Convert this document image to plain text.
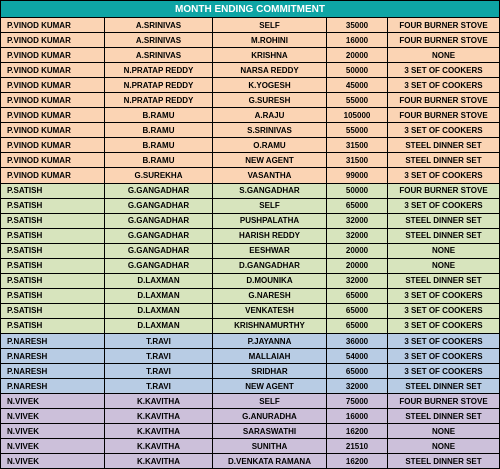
MONTH ENDING COMMITMENT				
P.VINOD KUMAR	A.SRINIVAS	SELF	35000	FOUR BURNER STOVE
P.VINOD KUMAR	A.SRINIVAS	M.ROHINI	16000	FOUR BURNER STOVE
P.VINOD KUMAR	A.SRINIVAS	KRISHNA	20000	NONE
P.VINOD KUMAR	N.PRATAP REDDY	NARSA REDDY	50000	3 SET OF COOKERS
P.VINOD KUMAR	N.PRATAP REDDY	K.YOGESH	45000	3 SET OF COOKERS
P.VINOD KUMAR	N.PRATAP REDDY	G.SURESH	55000	FOUR BURNER STOVE
P.VINOD KUMAR	B.RAMU	A.RAJU	105000	FOUR BURNER STOVE
P.VINOD KUMAR	B.RAMU	S.SRINIVAS	55000	3 SET OF COOKERS
P.VINOD KUMAR	B.RAMU	O.RAMU	31500	STEEL DINNER SET
P.VINOD KUMAR	B.RAMU	NEW AGENT	31500	STEEL DINNER SET
P.VINOD KUMAR	G.SUREKHA	VASANTHA	99000	3 SET OF COOKERS
P.SATISH	G.GANGADHAR	S.GANGADHAR	50000	FOUR BURNER STOVE
P.SATISH	G.GANGADHAR	SELF	65000	3 SET OF COOKERS
P.SATISH	G.GANGADHAR	PUSHPALATHA	32000	STEEL DINNER SET
P.SATISH	G.GANGADHAR	HARISH REDDY	32000	STEEL DINNER SET
P.SATISH	G.GANGADHAR	EESHWAR	20000	NONE
P.SATISH	G.GANGADHAR	D.GANGADHAR	20000	NONE
P.SATISH	D.LAXMAN	D.MOUNIKA	32000	STEEL DINNER SET
P.SATISH	D.LAXMAN	G.NARESH	65000	3 SET OF COOKERS
P.SATISH	D.LAXMAN	VENKATESH	65000	3 SET OF COOKERS
P.SATISH	D.LAXMAN	KRISHNAMURTHY	65000	3 SET OF COOKERS
P.NARESH	T.RAVI	P.JAYANNA	36000	3 SET OF COOKERS
P.NARESH	T.RAVI	MALLAIAH	54000	3 SET OF COOKERS
P.NARESH	T.RAVI	SRIDHAR	65000	3 SET OF COOKERS
P.NARESH	T.RAVI	NEW AGENT	32000	STEEL DINNER SET
N.VIVEK	K.KAVITHA	SELF	75000	FOUR BURNER STOVE
N.VIVEK	K.KAVITHA	G.ANURADHA	16000	STEEL DINNER SET
N.VIVEK	K.KAVITHA	SARASWATHI	16200	NONE
N.VIVEK	K.KAVITHA	SUNITHA	21510	NONE
N.VIVEK	K.KAVITHA	D.VENKATA RAMANA	16200	STEEL DINNER SET
